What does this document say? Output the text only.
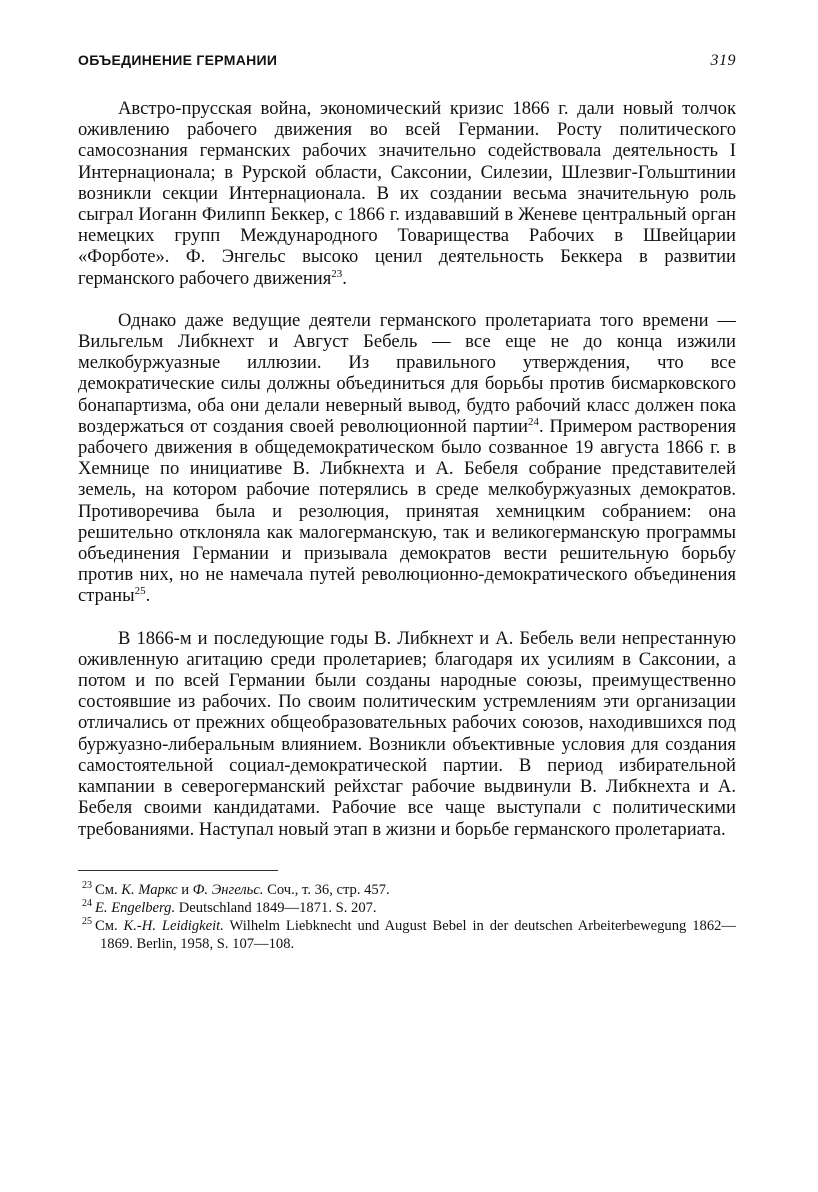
ОБЪЕДИНЕНИЕ ГЕРМАНИИ	319

Австро-прусская война, экономический кризис 1866 г. дали новый толчок оживлению рабочего движения во всей Германии. Росту политического самосознания германских рабочих значительно содействовала деятельность I Интернационала; в Рурской области, Саксонии, Силезии, Шлезвиг-Гольштинии возникли секции Интернационала. В их создании весьма значительную роль сыграл Иоганн Филипп Беккер, с 1866 г. издававший в Женеве центральный орган немецких групп Международного Товарищества Рабочих в Швейцарии «Форботе». Ф. Энгельс высоко ценил деятельность Беккера в развитии германского рабочего движения$^{23}$.

Однако даже ведущие деятели германского пролетариата того времени — Вильгельм Либкнехт и Август Бебель — все еще не до конца изжили мелкобуржуазные иллюзии. Из правильного утверждения, что все демократические силы должны объединиться для борьбы против бисмарковского бонапартизма, оба они делали неверный вывод, будто рабочий класс должен пока воздержаться от создания своей революционной партии$^{24}$. Примером растворения рабочего движения в общедемократическом было созванное 19 августа 1866 г. в Хемнице по инициативе В. Либкнехта и А. Бебеля собрание представителей земель, на котором рабочие потерялись в среде мелкобуржуазных демократов. Противоречива была и резолюция, принятая хемницким собранием: она решительно отклоняла как малогерманскую, так и великогерманскую программы объединения Германии и призывала демократов вести решительную борьбу против них, но не намечала путей революционно-демократического объединения страны$^{25}$.

В 1866-м и последующие годы В. Либкнехт и А. Бебель вели непрестанную оживленную агитацию среди пролетариев; благодаря их усилиям в Саксонии, а потом и по всей Германии были созданы народные союзы, преимущественно состоявшие из рабочих. По своим политическим устремлениям эти организации отличались от прежних общеобразовательных рабочих союзов, находившихся под буржуазно-либеральным влиянием. Возникли объективные условия для создания самостоятельной социал-демократической партии. В период избирательной кампании в северогерманский рейхстаг рабочие выдвинули В. Либкнехта и А. Бебеля своими кандидатами. Рабочие все чаще выступали с политическими требованиями. Наступал новый этап в жизни и борьбе германского пролетариата.

$^{23}$ См. К. Маркс и Ф. Энгельс. Соч., т. 36, стр. 457.

$^{24}$ E. Engelberg. Deutschland 1849—1871. S. 207.

$^{25}$ См. K.-H. Leidigkeit. Wilhelm Liebknecht und August Bebel in der deutschen Arbeiterbewegung 1862—1869. Berlin, 1958, S. 107—108.
